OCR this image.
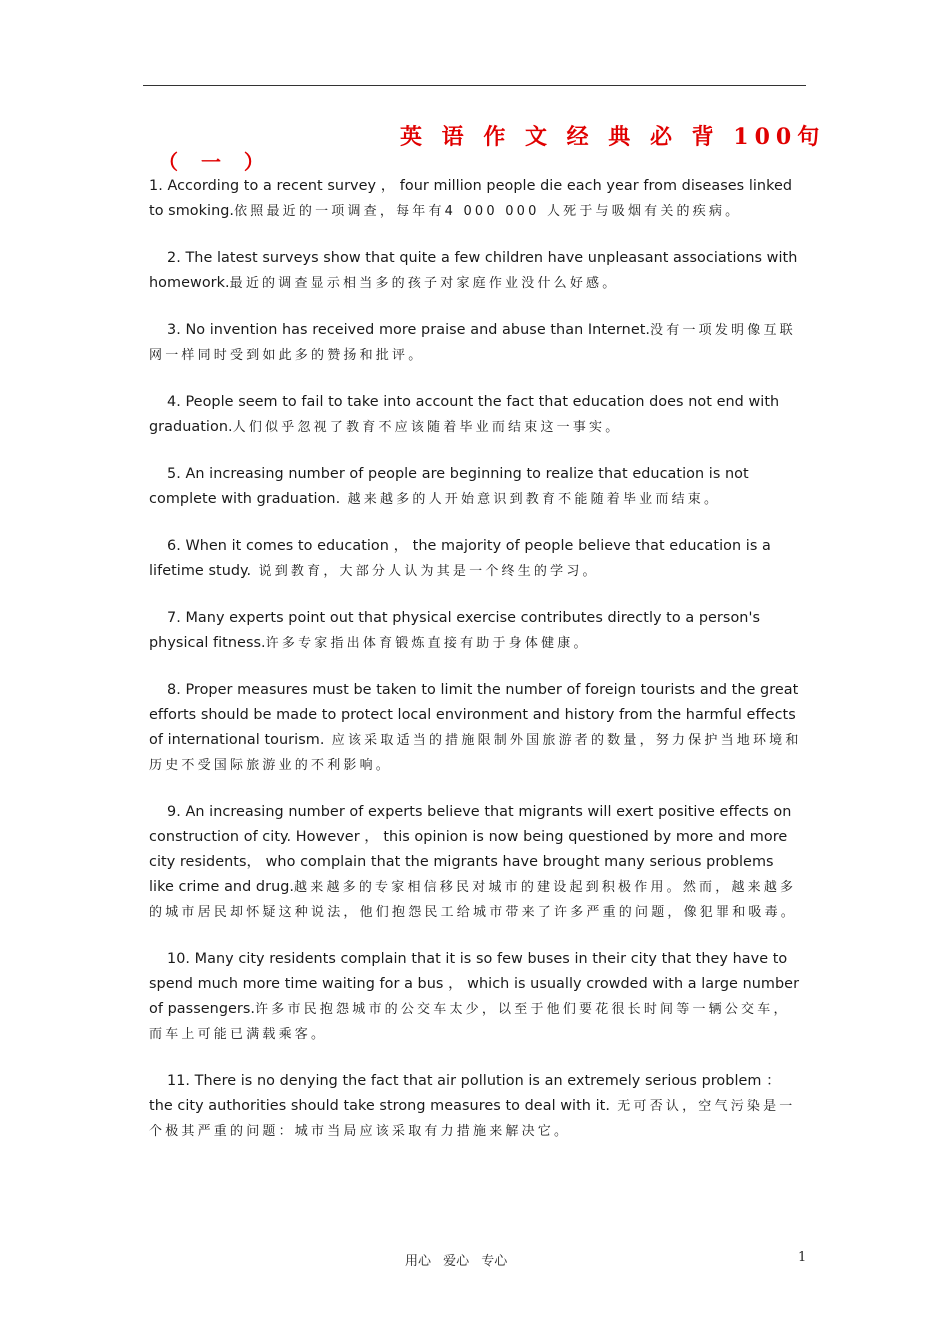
英 语 作 文 经 典 必 背 100句
（ 一 ）
1. According to a recent survey ， four million people die each year from diseases linked to smoking.依照最近的一项调查，每年有4 000 000 人死于与吸烟有关的疾病。
2. The latest surveys show that quite a few children have unpleasant associations with homework.最近的调查显示相当多的孩子对家庭作业没什么好感。
3. No invention has received more praise and abuse than Internet.没有一项发明像互联网一样同时受到如此多的赞扬和批评。
4. People seem to fail to take into account the fact that education does not end with graduation.人们似乎忽视了教育不应该随着毕业而结束这一事实。
5. An increasing number of people are beginning to realize that education is not complete with graduation. 越来越多的人开始意识到教育不能随着毕业而结束。
6. When it comes to education ， the majority of people believe that education is a lifetime study. 说到教育，大部分人认为其是一个终生的学习。
7. Many experts point out that physical exercise contributes directly to a person's physical fitness.许多专家指出体育锻炼直接有助于身体健康。
8. Proper measures must be taken to limit the number of foreign tourists and the great efforts should be made to protect local environment and history from the harmful effects of international tourism. 应该采取适当的措施限制外国旅游者的数量，努力保护当地环境和历史不受国际旅游业的不利影响。
9. An increasing number of experts believe that migrants will exert positive effects on construction of city. However ， this opinion is now being questioned by more and more city residents， who complain that the migrants have brought many serious problems like crime and drug.越来越多的专家相信移民对城市的建设起到积极作用。然而，越来越多的城市居民却怀疑这种说法，他们抱怨民工给城市带来了许多严重的问题，像犯罪和吸毒。
10. Many city residents complain that it is so few buses in their city that they have to spend much more time waiting for a bus ， which is usually crowded with a large number of passengers.许多市民抱怨城市的公交车太少，以至于他们要花很长时间等一辆公交车，而车上可能已满载乘客。
11. There is no denying the fact that air pollution is an extremely serious problem ： the city authorities should take strong measures to deal with it. 无可否认，空气污染是一个极其严重的问题：城市当局应该采取有力措施来解决它。
用心 爱心 专心	1
